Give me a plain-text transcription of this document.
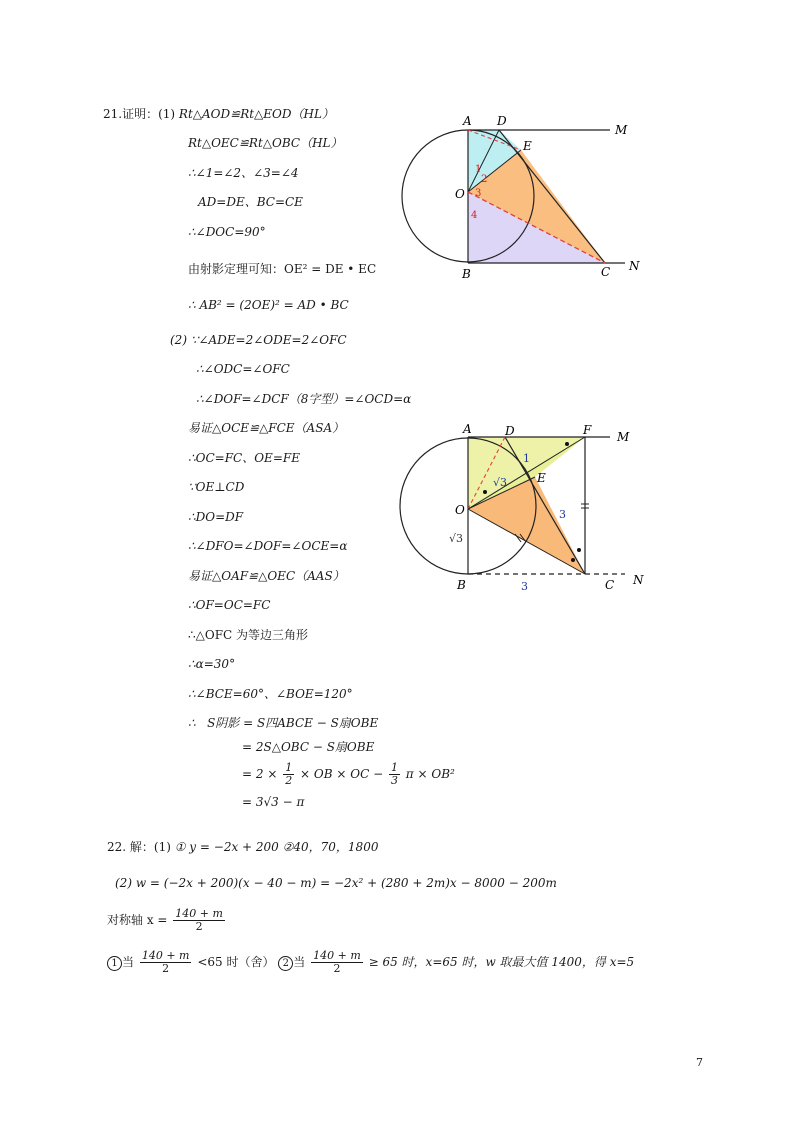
21.证明：(1) Rt△AOD≌Rt△EOD（HL）
Rt△OEC≌Rt△OBC（HL）
∴∠1=∠2、∠3=∠4
AD=DE、BC=CE
∴∠DOC=90°
由射影定理可知：OE² = DE • EC
∴ AB² = (2OE)² = AD • BC
(2) ∵∠ADE=2∠ODE=2∠OFC
∴∠ODC=∠OFC
∴∠DOF=∠DCF（8字型）=∠OCD=α
易证△OCE≌△FCE（ASA）
∴OC=FC、OE=FE
∵OE⊥CD
∴DO=DF
∴∠DFO=∠DOF=∠OCE=α
易证△OAF≌△OEC（AAS）
∴OF=OC=FC
∴△OFC 为等边三角形
∴α=30°
∴∠BCE=60°、∠BOE=120°
∴   S阴影 = S四ABCE − S扇OBE
= 2S△OBC − S扇OBE
= $2 \times \frac{1}{2}$ × OB × OC − $\frac{1}{3}$ π × OB²
= 3√3 − π
A D
M
E
O
B	C N
1
2
3
4
A	D	F M
E
O
B	C N
√3
1
√3
3
3
22. 解：(1) ① y = −2x + 200 ②40，70，1800
(2) w = (−2x + 200)(x − 40 − m) = −2x² + (280 + 2m)x − 8000 − 200m
对称轴 $x = \frac{140 + m}{2}$
1 当 $\frac{140 + m}{2} <65$ 时（舍） 2 当 $\frac{140 + m}{2} \ge 65$ 时，x=65 时，w 取最大值 1400，得 x=5
7
